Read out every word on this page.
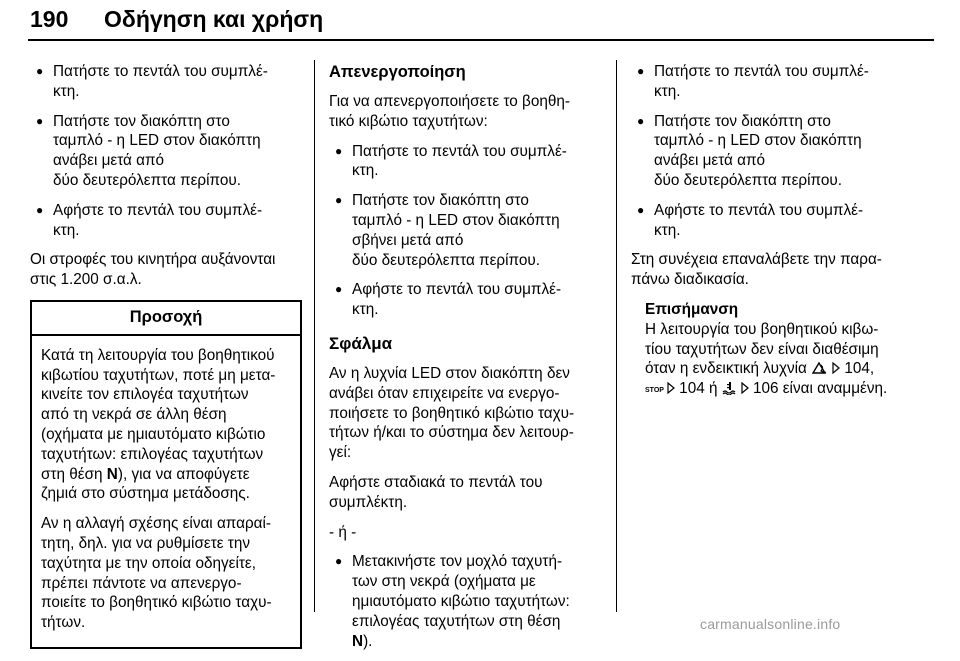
190 Οδήγηση και χρήση
● Πατήστε το πεντάλ του συμπλέ-
κτη.
● Πατήστε τον διακόπτη στο
ταμπλό - η LED στον διακόπτη
ανάβει μετά από
δύο δευτερόλεπτα περίπου.
● Αφήστε το πεντάλ του συμπλέ-
κτη.

Οι στροφές του κινητήρα αυξάνονται
στις 1.200 σ.α.λ.

Προσοχή

Κατά τη λειτουργία του βοηθητικού
κιβωτίου ταχυτήτων, ποτέ μη μετα-
κινείτε τον επιλογέα ταχυτήτων
από τη νεκρά σε άλλη θέση
(οχήματα με ημιαυτόματο κιβώτιο
ταχυτήτων: επιλογέας ταχυτήτων
στη θέση N), για να αποφύγετε
ζημιά στο σύστημα μετάδοσης.

Αν η αλλαγή σχέσης είναι απαραί-
τητη, δηλ. για να ρυθμίσετε την
ταχύτητα με την οποία οδηγείτε,
πρέπει πάντοτε να απενεργο-
ποιείτε το βοηθητικό κιβώτιο ταχυ-
τήτων.

Απενεργοποίηση

Για να απενεργοποιήσετε το βοηθη-
τικό κιβώτιο ταχυτήτων:

● Πατήστε το πεντάλ του συμπλέ-
κτη.
● Πατήστε τον διακόπτη στο
ταμπλό - η LED στον διακόπτη
σβήνει μετά από
δύο δευτερόλεπτα περίπου.
● Αφήστε το πεντάλ του συμπλέ-
κτη.
Σφάλμα

Αν η λυχνία LED στον διακόπτη δεν
ανάβει όταν επιχειρείτε να ενεργο-
ποιήσετε το βοηθητικό κιβώτιο ταχυ-
τήτων ή/και το σύστημα δεν λειτουρ-
γεί:

Αφήστε σταδιακά το πεντάλ του
συμπλέκτη.

- ή -

● Μετακινήστε τον μοχλό ταχυτή-
των στη νεκρά (οχήματα με
ημιαυτόματο κιβώτιο ταχυτήτων:
επιλογέας ταχυτήτων στη θέση
N).
● Πατήστε το πεντάλ του συμπλέ-
κτη.
● Πατήστε τον διακόπτη στο
ταμπλό - η LED στον διακόπτη
ανάβει μετά από
δύο δευτερόλεπτα περίπου.
● Αφήστε το πεντάλ του συμπλέ-
κτη.

Στη συνέχεια επαναλάβετε την παρα-
πάνω διαδικασία.

Επισήμανση

Η λειτουργία του βοηθητικού κιβω-
τίου ταχυτήτων δεν είναι διαθέσιμη
όταν η ενδεικτική λυχνία  104,
STOP 104 ή  106 είναι αναμμένη.

carmanualsonline.info
